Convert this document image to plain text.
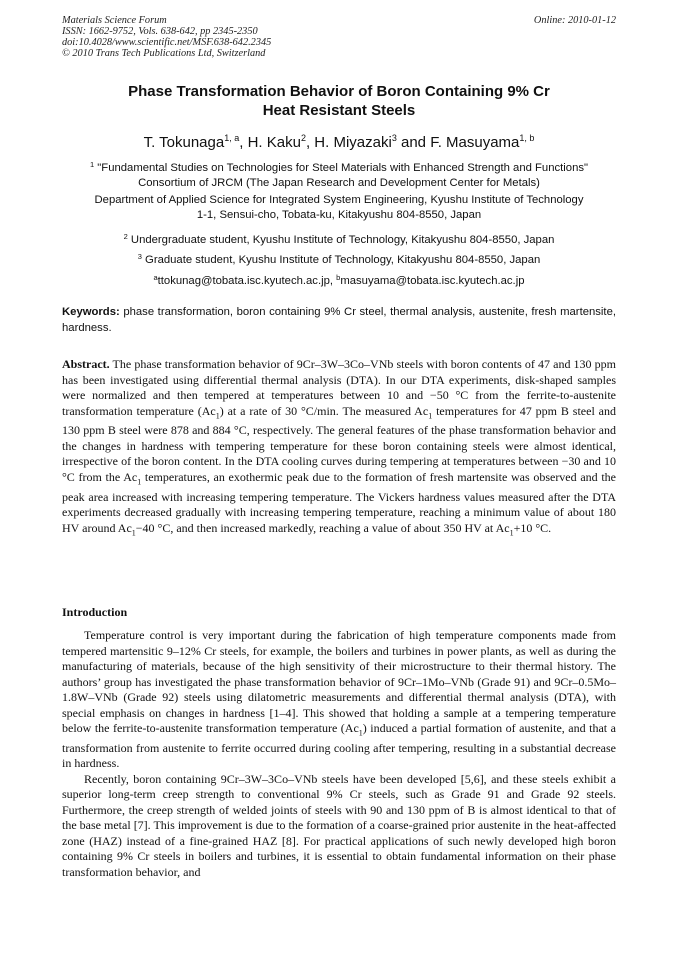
Materials Science Forum
ISSN: 1662-9752, Vols. 638-642, pp 2345-2350
doi:10.4028/www.scientific.net/MSF.638-642.2345
© 2010 Trans Tech Publications Ltd, Switzerland
Online: 2010-01-12
Phase Transformation Behavior of Boron Containing 9% Cr
Heat Resistant Steels
T. Tokunaga$^{1, a}$, H. Kaku$^2$, H. Miyazaki$^3$ and F. Masuyama$^{1, b}$
$^1$ "Fundamental Studies on Technologies for Steel Materials with Enhanced Strength and Functions"
Consortium of JRCM (The Japan Research and Development Center for Metals)
Department of Applied Science for Integrated System Engineering, Kyushu Institute of Technology
1-1, Sensui-cho, Tobata-ku, Kitakyushu 804-8550, Japan
$^2$ Undergraduate student, Kyushu Institute of Technology, Kitakyushu 804-8550, Japan
$^3$ Graduate student, Kyushu Institute of Technology, Kitakyushu 804-8550, Japan
$^a$ttokunag@tobata.isc.kyutech.ac.jp, $^b$masuyama@tobata.isc.kyutech.ac.jp
Keywords: phase transformation, boron containing 9% Cr steel, thermal analysis, austenite, fresh martensite, hardness.
Abstract. The phase transformation behavior of 9Cr–3W–3Co–VNb steels with boron contents of 47 and 130 ppm has been investigated using differential thermal analysis (DTA). In our DTA experiments, disk-shaped samples were normalized and then tempered at temperatures between 10 and −50 °C from the ferrite-to-austenite transformation temperature $(Ac_1)$ at a rate of 30 °C/min. The measured $Ac_1$ temperatures for 47 ppm B steel and 130 ppm B steel were 878 and 884 °C, respectively. The general features of the phase transformation behavior and the changes in hardness with tempering temperature for these boron containing steels were almost identical, irrespective of the boron content. In the DTA cooling curves during tempering at temperatures between −30 and 10 °C from the $Ac_1$ temperatures, an exothermic peak due to the formation of fresh martensite was observed and the peak area increased with increasing tempering temperature. The Vickers hardness values measured after the DTA experiments decreased gradually with increasing tempering temperature, reaching a minimum value of about 180 HV around $Ac_1-40$ °C, and then increased markedly, reaching a value of about 350 HV at $Ac_1+10$ °C.
Introduction

Temperature control is very important during the fabrication of high temperature components made from tempered martensitic 9–12% Cr steels, for example, the boilers and turbines in power plants, as well as during the manufacturing of materials, because of the high sensitivity of their microstructure to their thermal history. The authors’ group has investigated the phase transformation behavior of 9Cr–1Mo–VNb (Grade 91) and 9Cr–0.5Mo–1.8W–VNb (Grade 92) steels using dilatometric measurements and differential thermal analysis (DTA), with special emphasis on changes in hardness [1–4]. This showed that holding a sample at a tempering temperature below the ferrite-to-austenite transformation temperature $(Ac_1)$ induced a partial formation of austenite, and that a transformation from austenite to ferrite occurred during cooling after tempering, resulting in a substantial decrease in hardness.

Recently, boron containing 9Cr–3W–3Co–VNb steels have been developed [5,6], and these steels exhibit a superior long-term creep strength to conventional 9% Cr steels, such as Grade 91 and Grade 92 steels. Furthermore, the creep strength of welded joints of steels with 90 and 130 ppm of B is almost identical to that of the base metal [7]. This improvement is due to the formation of a coarse-grained prior austenite in the heat-affected zone (HAZ) instead of a fine-grained HAZ [8]. For practical applications of such newly developed high boron containing 9% Cr steels in boilers and turbines, it is essential to obtain fundamental information on their phase transformation behavior, and
